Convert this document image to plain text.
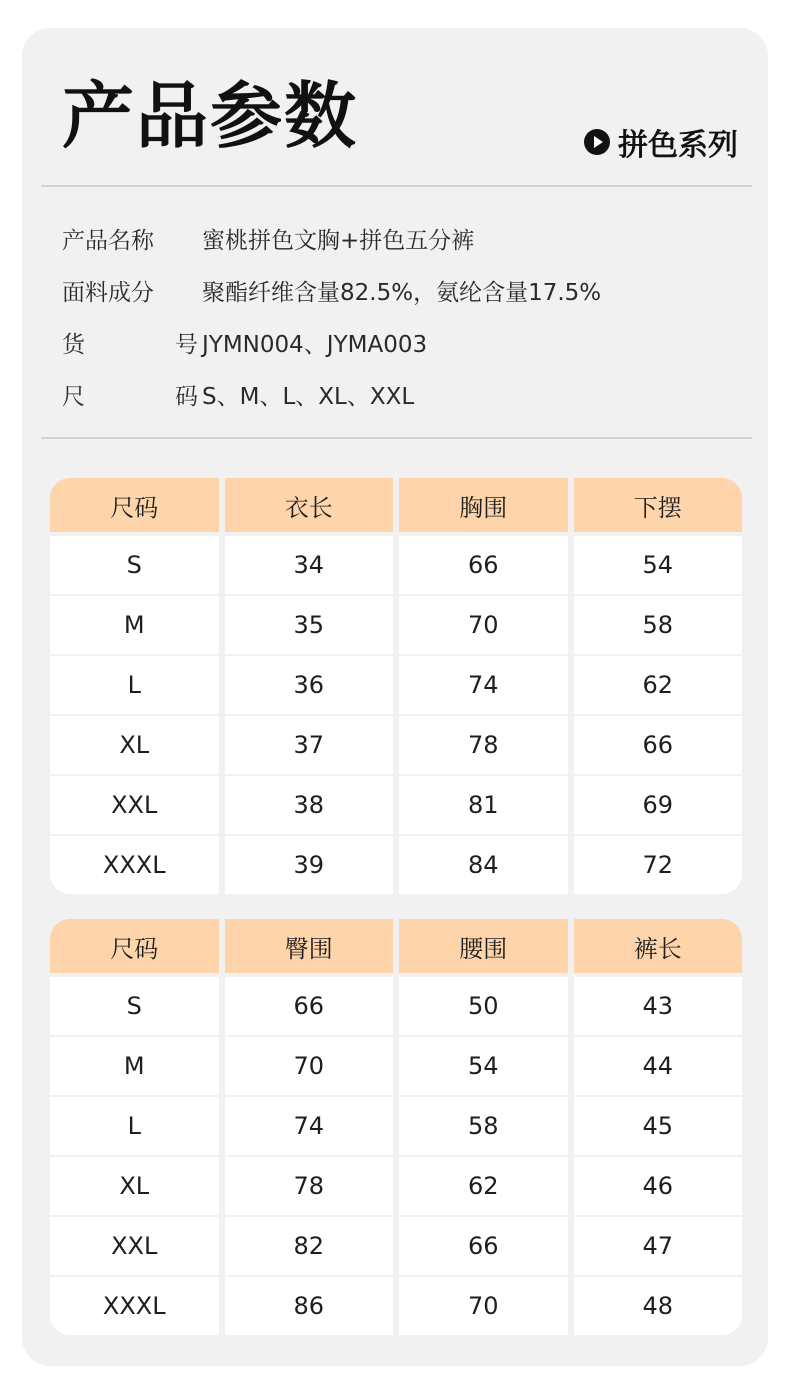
产品参数	拼色系列
产品名称 蜜桃拼色文胸+拼色五分裤
面料成分 聚酯纤维含量82.5%，氨纶含量17.5%
货	号 JYMN004、JYMA003
尺	码 S、M、L、XL、XXL
尺码	衣长	胸围	下摆
S	34	66	54
M	35	70	58
L	36	74	62
XL	37	78	66
XXL	38	81	69
XXXL	39	84	72
尺码	臀围	腰围	裤长
S	66	50	43
M	70	54	44
L	74	58	45
XL	78	62	46
XXL	82	66	47
XXXL	86	70	48
